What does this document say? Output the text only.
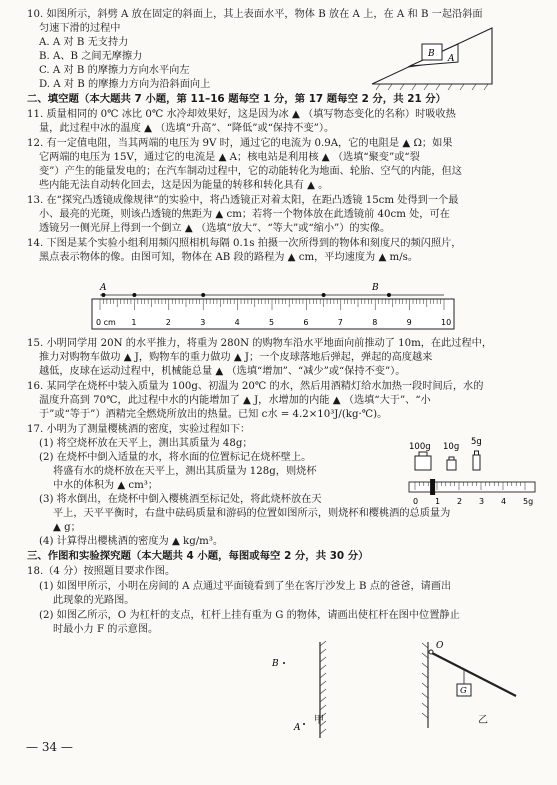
10. 如图所示，斜劈 A 放在固定的斜面上，其上表面水平，物体 B 放在 A 上，在 A 和 B 一起沿斜面
匀速下滑的过程中
A. A 对 B 无支持力
B. A、B 之间无摩擦力
C. A 对 B 的摩擦力方向水平向左
D. A 对 B 的摩擦力方向为沿斜面向上
二、填空题（本大题共 7 小题，第 11–16 题每空 1 分，第 17 题每空 2 分，共 21 分）
11. 质量相同的 0℃ 冰比 0℃ 水冷却效果好，这是因为冰 ▲ （填写物态变化的名称）时吸收热
量，此过程中冰的温度 ▲ （选填“升高”、“降低”或“保持不变”）。
12. 有一定值电阻，当其两端的电压为 9V 时，通过它的电流为 0.9A，它的电阻是 ▲ Ω；如果
它两端的电压为 15V，通过它的电流是 ▲ A；核电站是利用核 ▲ （选填“聚变”或“裂
变”）产生的能量发电的；在汽车制动过程中，它的动能转化为地面、轮胎、空气的内能，但这
些内能无法自动转化回去，这是因为能量的转移和转化具有 ▲ 。
13. 在“探究凸透镜成像规律”的实验中，将凸透镜正对着太阳，在距凸透镜 15cm 处得到一个最
小、最亮的光斑，则该凸透镜的焦距为 ▲ cm；若将一个物体放在此透镜前 40cm 处，可在
透镜另一侧光屏上得到一个倒立 ▲ （选填“放大”、“等大”或“缩小”）的实像。
14. 下图是某个实验小组利用频闪照相机每隔 0.1s 拍摄一次所得到的物体和刻度尺的频闪照片，
黑点表示物体的像。由图可知，物体在 AB 段的路程为 ▲ cm，平均速度为 ▲ m/s。
15. 小明同学用 20N 的水平推力，将重为 280N 的购物车沿水平地面向前推动了 10m，在此过程中，
推力对购物车做功 ▲ J，购物车的重力做功 ▲ J；一个皮球落地后弹起，弹起的高度越来
越低，皮球在运动过程中，机械能总量 ▲ （选填“增加”、“减少”或“保持不变”）。
16. 某同学在烧杯中装入质量为 100g、初温为 20℃ 的水，然后用酒精灯给水加热一段时间后，水的
温度升高到 70℃，此过程中水的内能增加了 ▲ J，水增加的内能 ▲ （选填“大于”、“小
于”或“等于”）酒精完全燃烧所放出的热量。已知 c水 = 4.2×10³J/(kg·℃)。
17. 小明为了测量樱桃酒的密度，实验过程如下：
(1) 将空烧杯放在天平上，测出其质量为 48g；
(2) 在烧杯中倒入适量的水，将水面的位置标记在烧杯壁上。
将盛有水的烧杯放在天平上，测出其质量为 128g，则烧杯
中水的体积为 ▲ cm³；
(3) 将水倒出，在烧杯中倒入樱桃酒至标记处，将此烧杯放在天
平上，天平平衡时，右盘中砝码质量和游码的位置如图所示，则烧杯和樱桃酒的总质量为
▲ g；
(4) 计算得出樱桃酒的密度为 ▲ kg/m³。
三、作图和实验探究题（本大题共 4 小题，每图或每空 2 分，共 30 分）
18.（4 分）按照题目要求作图。
(1) 如图甲所示，小明在房间的 A 点通过平面镜看到了坐在客厅沙发上 B 点的爸爸，请画出
此现象的光路图。
(2) 如图乙所示，O 为杠杆的支点，杠杆上挂有重为 G 的物体，请画出使杠杆在图中位置静止
时最小力 F 的示意图。
B A
A	B
1	2	3	4	5	6	7	8	9	10
0 cm
100g 10g 5g
0 1 2 3 4 5g
B
A
甲
O
G
乙
— 34 —
